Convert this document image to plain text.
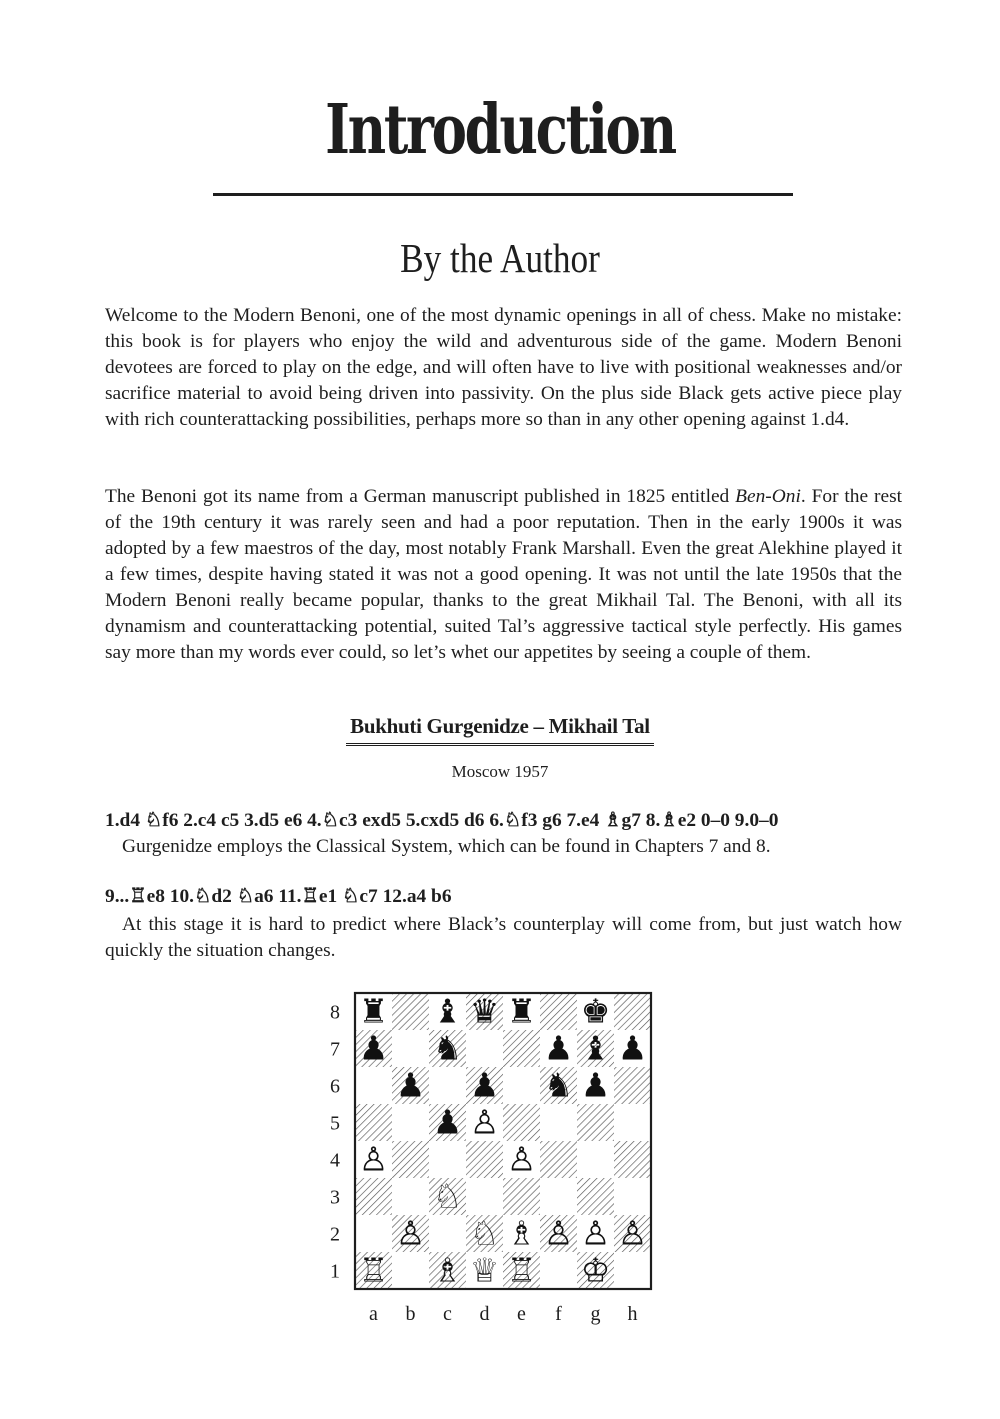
Introduction
By the Author

Welcome to the Modern Benoni, one of the most dynamic openings in all of chess. Make no mistake: this book is for players who enjoy the wild and adventurous side of the game. Modern Benoni devotees are forced to play on the edge, and will often have to live with positional weaknesses and/or sacrifice material to avoid being driven into passivity. On the plus side Black gets active piece play with rich counterattacking possibilities, perhaps more so than in any other opening against 1.d4.

The Benoni got its name from a German manuscript published in 1825 entitled Ben-Oni. For the rest of the 19th century it was rarely seen and had a poor reputation. Then in the early 1900s it was adopted by a few maestros of the day, most notably Frank Marshall. Even the great Alekhine played it a few times, despite having stated it was not a good opening. It was not until the late 1950s that the Modern Benoni really became popular, thanks to the great Mikhail Tal. The Benoni, with all its dynamism and counterattacking potential, suited Tal’s aggressive tactical style perfectly. His games say more than my words ever could, so let’s whet our appetites by seeing a couple of them.

Bukhuti Gurgenidze – Mikhail Tal
Moscow 1957
1.d4 ♘f6 2.c4 c5 3.d5 e6 4.♘c3 exd5 5.cxd5 d6 6.♘f3 g6 7.e4 ♗g7 8.♗e2 0–0 9.0–0

Gurgenidze employs the Classical System, which can be found in Chapters 7 and 8.

9...♖e8 10.♘d2 ♘a6 11.♖e1 ♘c7 12.a4 b6

At this stage it is hard to predict where Black’s counterplay will come from, but just watch how quickly the situation changes.

8
7
6
5
4
3
2
1
a b c d e f g h
♜ ♝ ♛ ♜ ♚
♟ ♞ ♟ ♝ ♟
♟ ♟ ♞ ♟
♟ ♙
♙	♙
♘
♙ ♘ ♗ ♙ ♙ ♙
♖ ♗ ♕ ♖ ♔
